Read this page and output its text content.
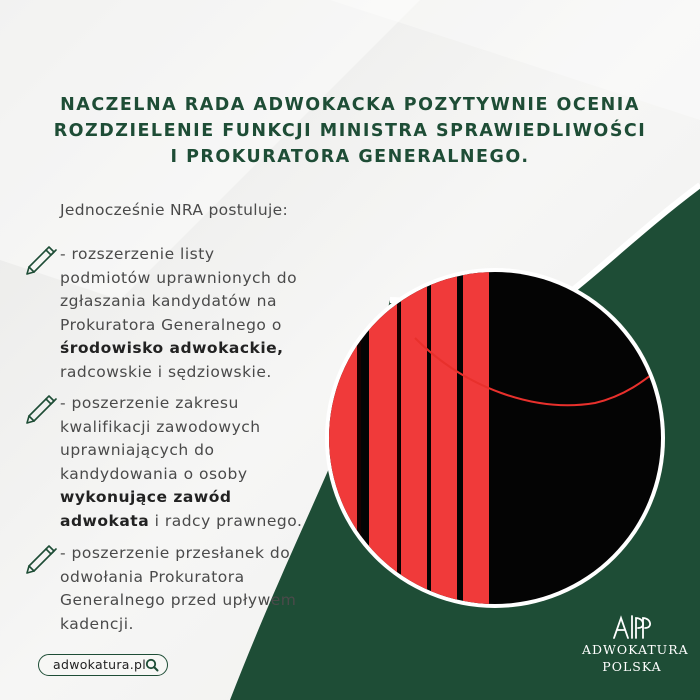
NACZELNA RADA ADWOKACKA POZYTYWNIE OCENIA
ROZDZIELENIE FUNKCJI MINISTRA SPRAWIEDLIWOŚCI
I PROKURATORA GENERALNEGO.

Jednocześnie NRA postuluje:

- rozszerzenie listy
podmiotów uprawnionych do
zgłaszania kandydatów na
Prokuratora Generalnego o
środowisko adwokackie,
radcowskie i sędziowskie.

- poszerzenie zakresu
kwalifikacji zawodowych
uprawniających do
kandydowania o osoby
wykonujące zawód
adwokata i radcy prawnego.

- poszerzenie przesłanek do
odwołania Prokuratora
Generalnego przed upływem
kadencji.

adwokatura.pl
ADWOKATURA
POLSKA
